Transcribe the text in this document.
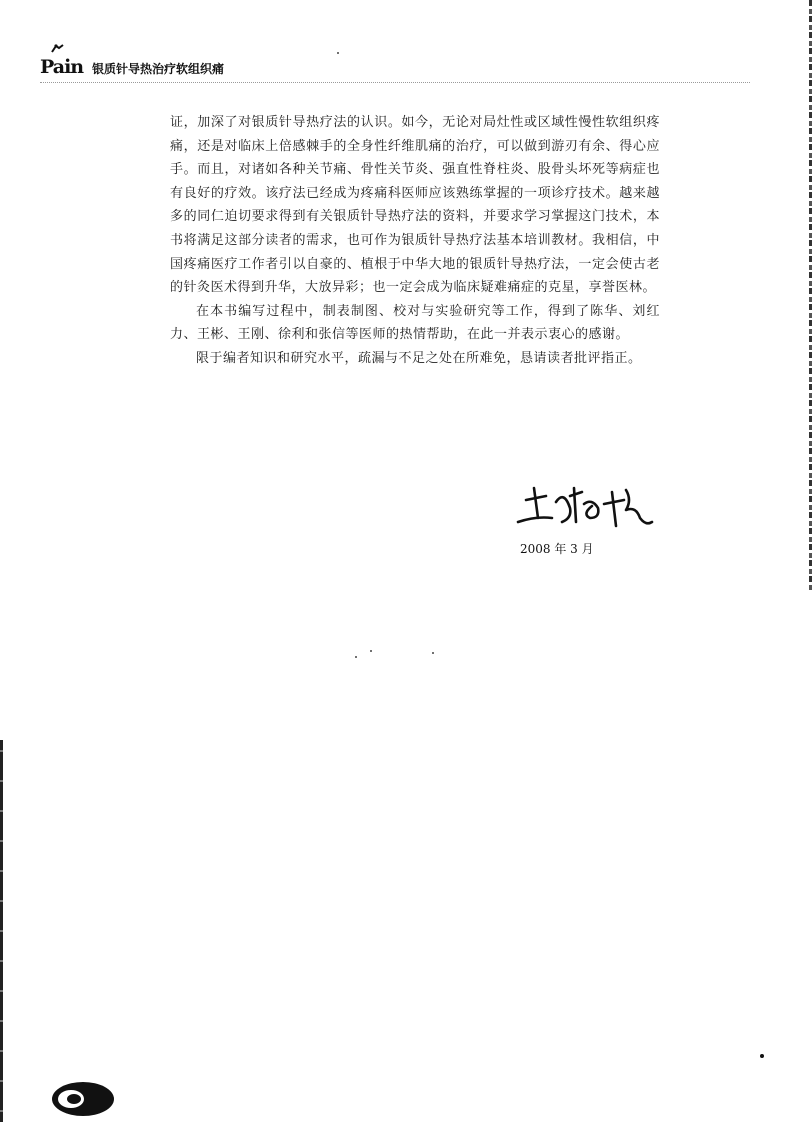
Pain 银质针导热治疗软组织痛

证，加深了对银质针导热疗法的认识。如今，无论对局灶性或区域性慢性软组织疼痛，还是对临床上倍感棘手的全身性纤维肌痛的治疗，可以做到游刃有余、得心应手。而且，对诸如各种关节痛、骨性关节炎、强直性脊柱炎、股骨头坏死等病症也有良好的疗效。该疗法已经成为疼痛科医师应该熟练掌握的一项诊疗技术。越来越多的同仁迫切要求得到有关银质针导热疗法的资料，并要求学习掌握这门技术，本书将满足这部分读者的需求，也可作为银质针导热疗法基本培训教材。我相信，中国疼痛医疗工作者引以自豪的、植根于中华大地的银质针导热疗法，一定会使古老的针灸医术得到升华，大放异彩；也一定会成为临床疑难痛症的克星，享誉医林。

在本书编写过程中，制表制图、校对与实验研究等工作，得到了陈华、刘红力、王彬、王刚、徐利和张信等医师的热情帮助，在此一并表示衷心的感谢。

限于编者知识和研究水平，疏漏与不足之处在所难免，恳请读者批评指正。

2008 年 3 月
